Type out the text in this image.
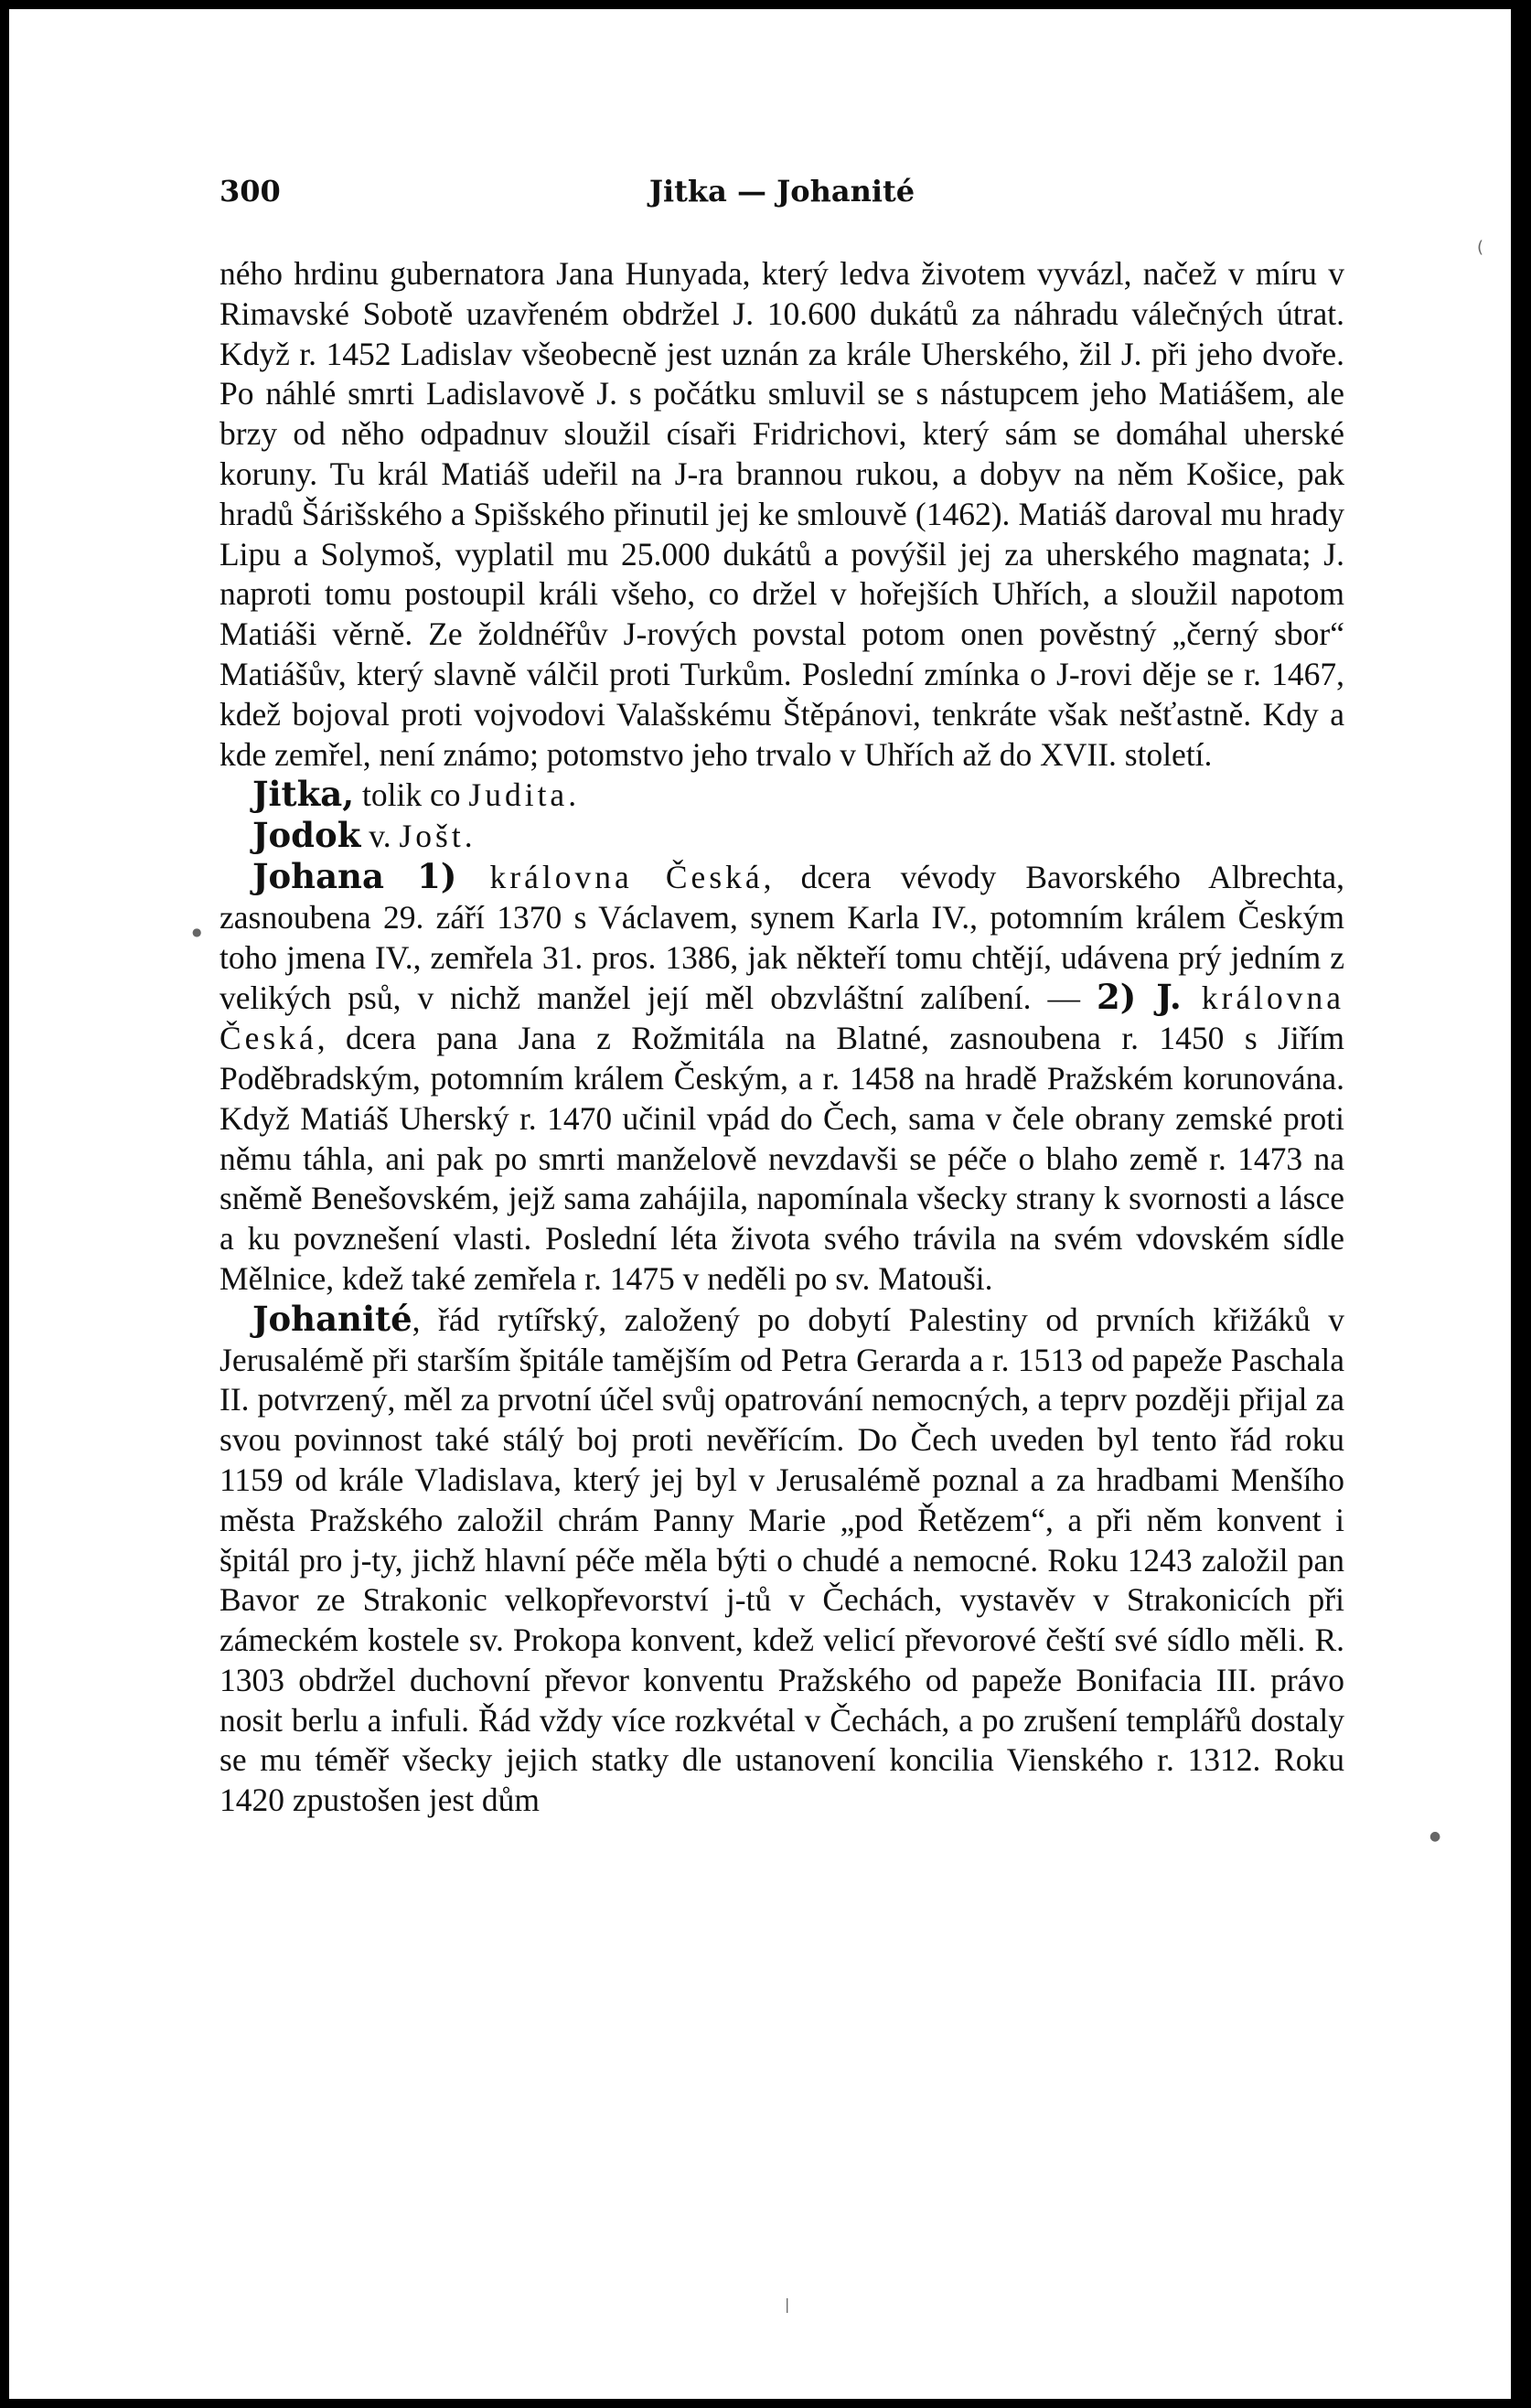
300	Jitka — Johanité

ného hrdinu gubernatora Jana Hunyada, který ledva životem vyvázl, načež v míru v Rimavské Sobotě uzavřeném obdržel J. 10.600 dukátů za náhradu válečných útrat. Když r. 1452 Ladislav všeobecně jest uznán za krále Uherského, žil J. při jeho dvoře. Po náhlé smrti Ladislavově J. s počátku smluvil se s nástupcem jeho Matiášem, ale brzy od něho odpadnuv sloužil císaři Fridrichovi, který sám se domáhal uherské koruny. Tu král Matiáš udeřil na J-ra brannou rukou, a dobyv na něm Košice, pak hradů Šárišského a Spišského přinutil jej ke smlouvě (1462). Matiáš daroval mu hrady Lipu a Solymoš, vyplatil mu 25.000 dukátů a povýšil jej za uherského magnata; J. naproti tomu postoupil králi všeho, co držel v hořejších Uhřích, a sloužil napotom Matiáši věrně. Ze žoldnéřův J-rových povstal potom onen pověstný „černý sbor“ Matiášův, který slavně válčil proti Turkům. Poslední zmínka o J-rovi děje se r. 1467, kdež bojoval proti vojvodovi Valašskému Štěpánovi, tenkráte však nešťastně. Kdy a kde zemřel, není známo; potomstvo jeho trvalo v Uhřích až do XVII. století.

Jitka, tolik co Judita.

Jodok v. Jošt.

Johana 1) královna Česká, dcera vévody Bavorského Albrechta, zasnoubena 29. září 1370 s Václavem, synem Karla IV., potomním králem Českým toho jmena IV., zemřela 31. pros. 1386, jak někteří tomu chtějí, udávena prý jedním z velikých psů, v nichž manžel její měl obzvláštní zalíbení. — 2) J. královna Česká, dcera pana Jana z Rožmitála na Blatné, zasnoubena r. 1450 s Jiřím Poděbradským, potomním králem Českým, a r. 1458 na hradě Pražském korunována. Když Matiáš Uherský r. 1470 učinil vpád do Čech, sama v čele obrany zemské proti němu táhla, ani pak po smrti manželově nevzdavši se péče o blaho země r. 1473 na sněmě Benešovském, jejž sama zahájila, napomínala všecky strany k svornosti a lásce a ku povznešení vlasti. Poslední léta života svého trávila na svém vdovském sídle Mělnice, kdež také zemřela r. 1475 v neděli po sv. Matouši.

Johanité, řád rytířský, založený po dobytí Palestiny od prvních křižáků v Jerusalémě při starším špitále tamějším od Petra Gerarda a r. 1513 od papeže Paschala II. potvrzený, měl za prvotní účel svůj opatrování nemocných, a teprv později přijal za svou povinnost také stálý boj proti nevěřícím. Do Čech uveden byl tento řád roku 1159 od krále Vladislava, který jej byl v Jerusalémě poznal a za hradbami Menšího města Pražského založil chrám Panny Marie „pod Řetězem“, a při něm konvent i špitál pro j-ty, jichž hlavní péče měla býti o chudé a nemocné. Roku 1243 založil pan Bavor ze Strakonic velkopřevorství j-tů v Čechách, vystavěv v Strakonicích při zámeckém kostele sv. Prokopa konvent, kdež velicí převorové čeští své sídlo měli. R. 1303 obdržel duchovní převor konventu Pražského od papeže Bonifacia III. právo nosit berlu a infuli. Řád vždy více rozkvétal v Čechách, a po zrušení templářů dostaly se mu téměř všecky jejich statky dle ustanovení koncilia Vienského r. 1312. Roku 1420 zpustošen jest dům

(
●
●
|
